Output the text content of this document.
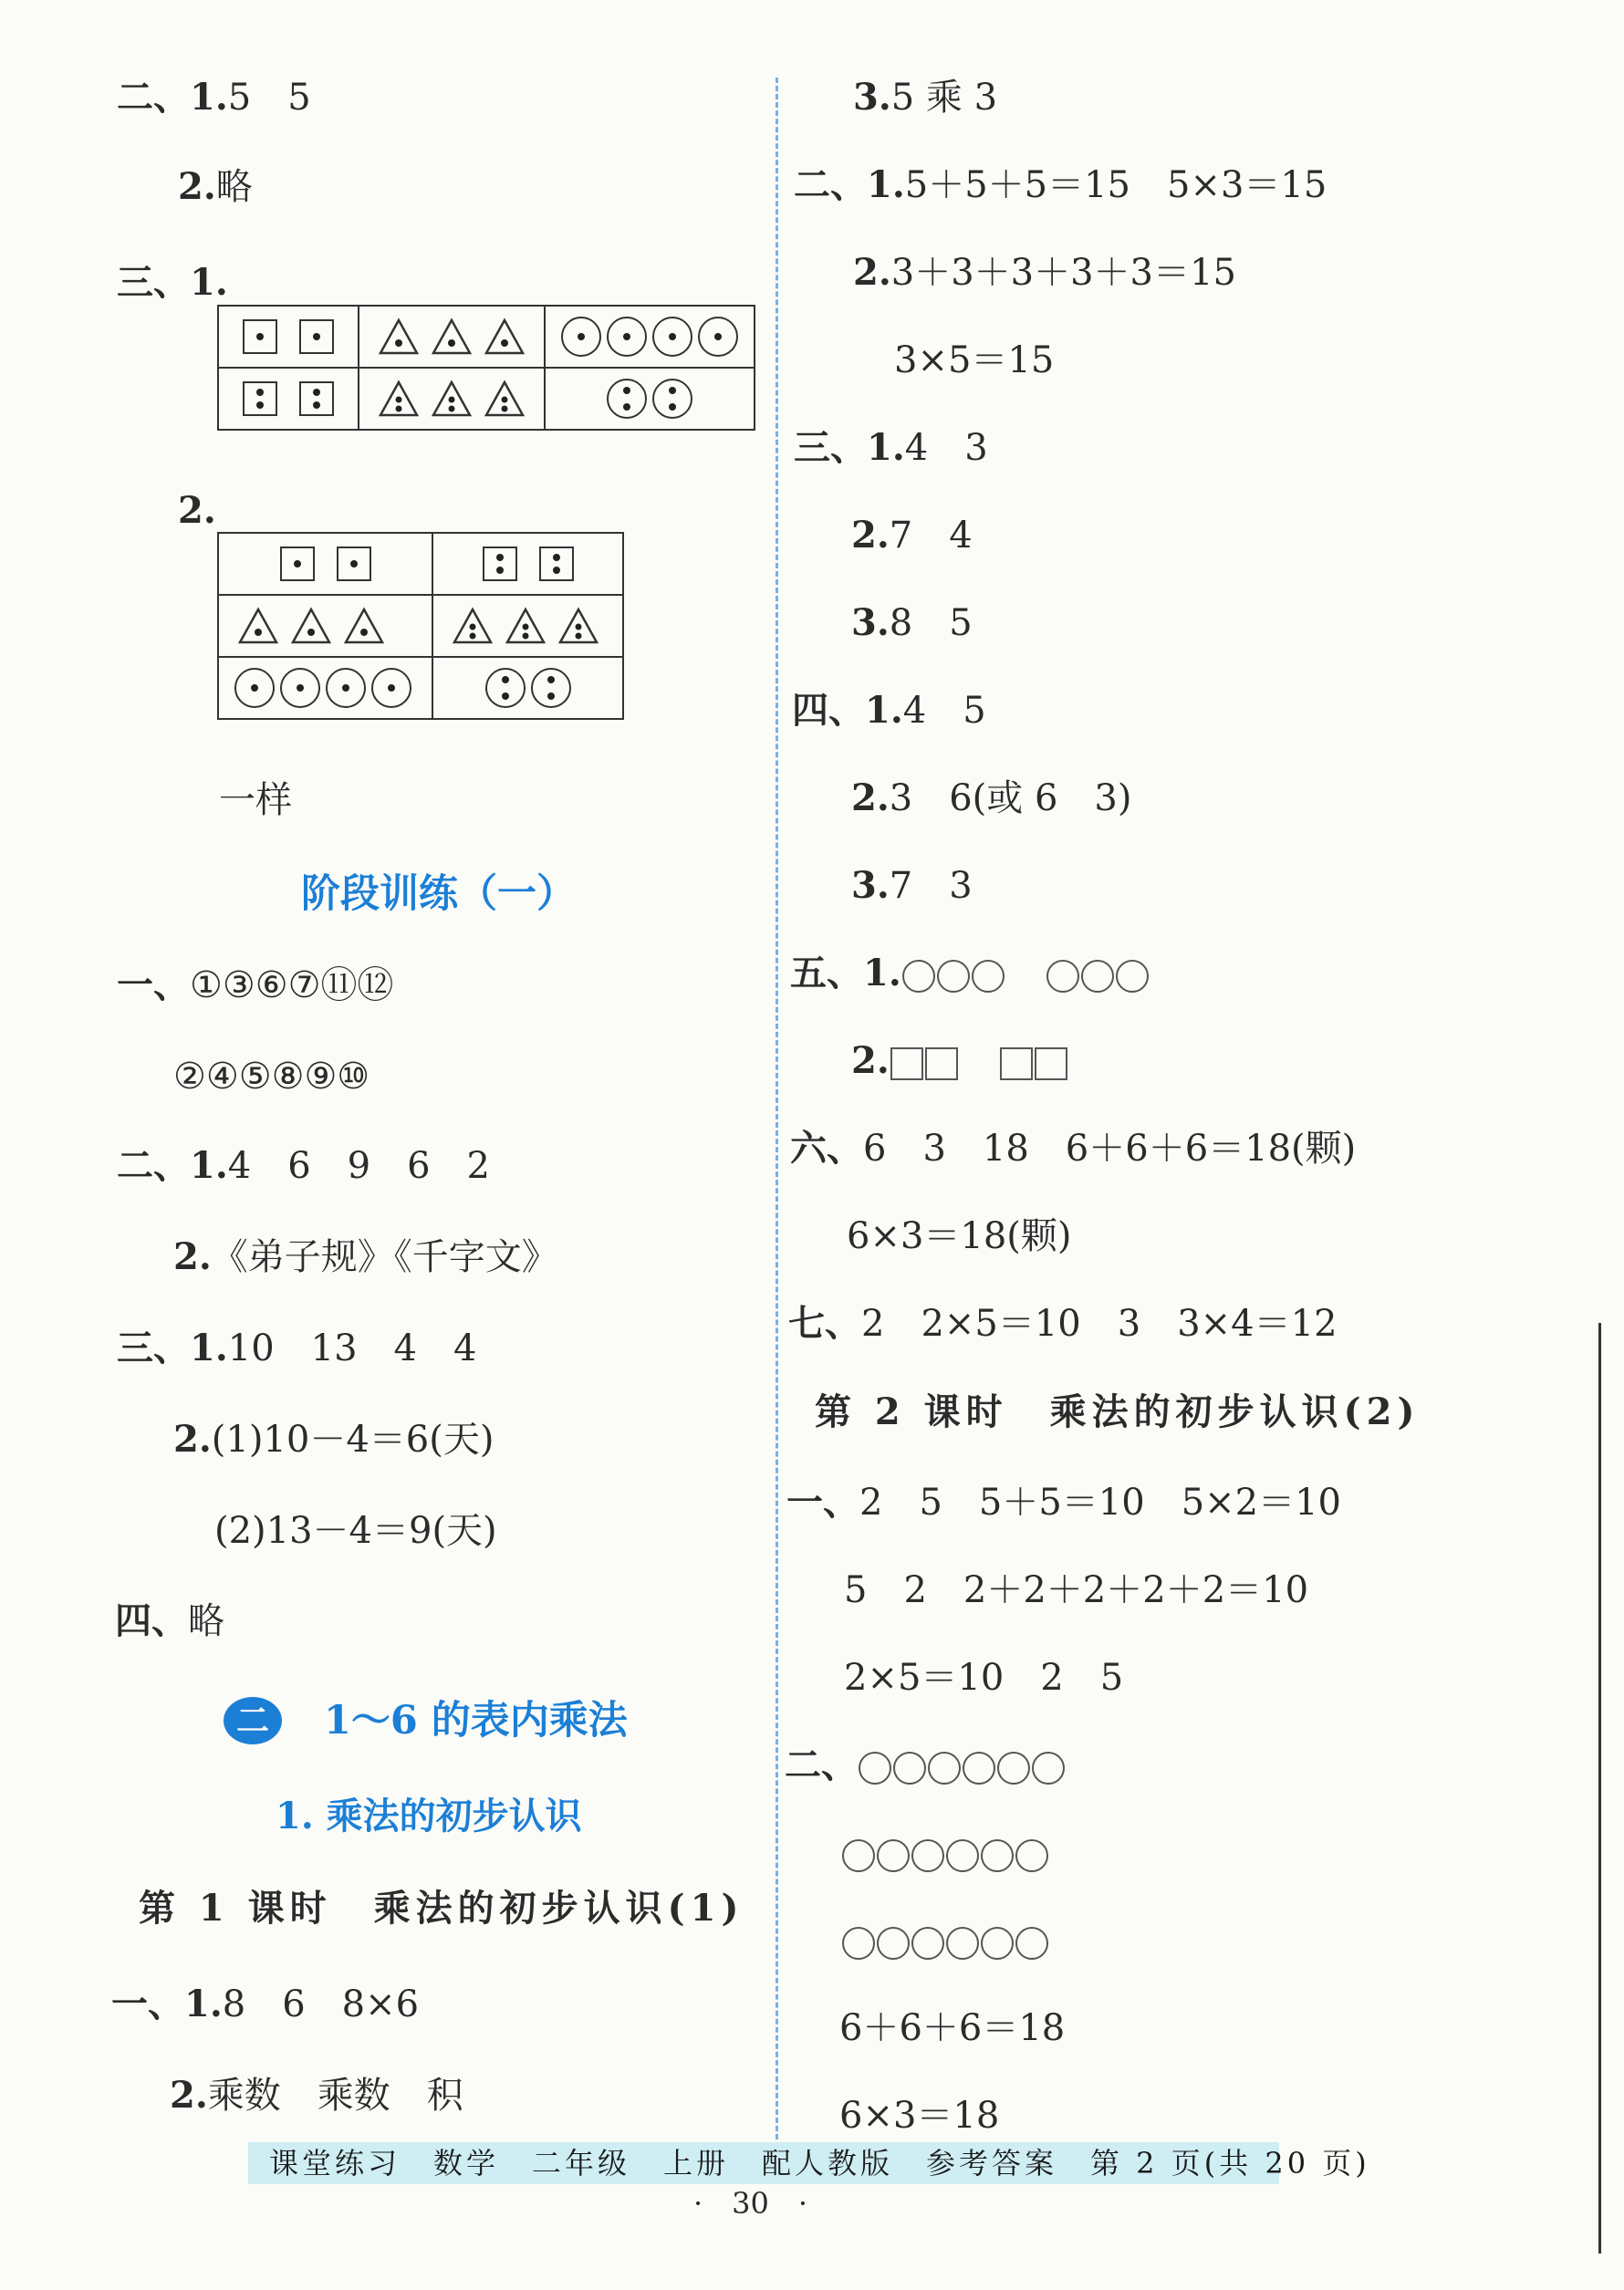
二、1.5　5
2.略
三、1.

2.

一样
阶段训练（一）
一、①③⑥⑦⑪⑫
②④⑤⑧⑨⑩
二、1.4　6　9　6　2
2.《弟子规》《千字文》
三、1.10　13　4　4
2.(1)10－4＝6(天)
(2)13－4＝9(天)
四、略
二	1～6 的表内乘法
1. 乘法的初步认识
第 1 课时　乘法的初步认识(1)
一、1.8　6　8×6
2.乘数　乘数　积
3.5 乘 3
二、1.5＋5＋5＝15　5×3＝15
2.3＋3＋3＋3＋3＝15
3×5＝15
三、1.4　3
2.7　4
3.8　5
四、1.4　5
2.3　6(或 6　3)
3.7　3
五、1.
2.
六、6　3　18　6＋6＋6＝18(颗)
6×3＝18(颗)
七、2　2×5＝10　3　3×4＝12
第 2 课时　乘法的初步认识(2)
一、2　5　5＋5＝10　5×2＝10
5　2　2＋2＋2＋2＋2＝10
2×5＝10　2　5
二、
6＋6＋6＝18
6×3＝18
课堂练习　数学　二年级　上册　配人教版　参考答案　第 2 页(共 20 页)
·　30　·
